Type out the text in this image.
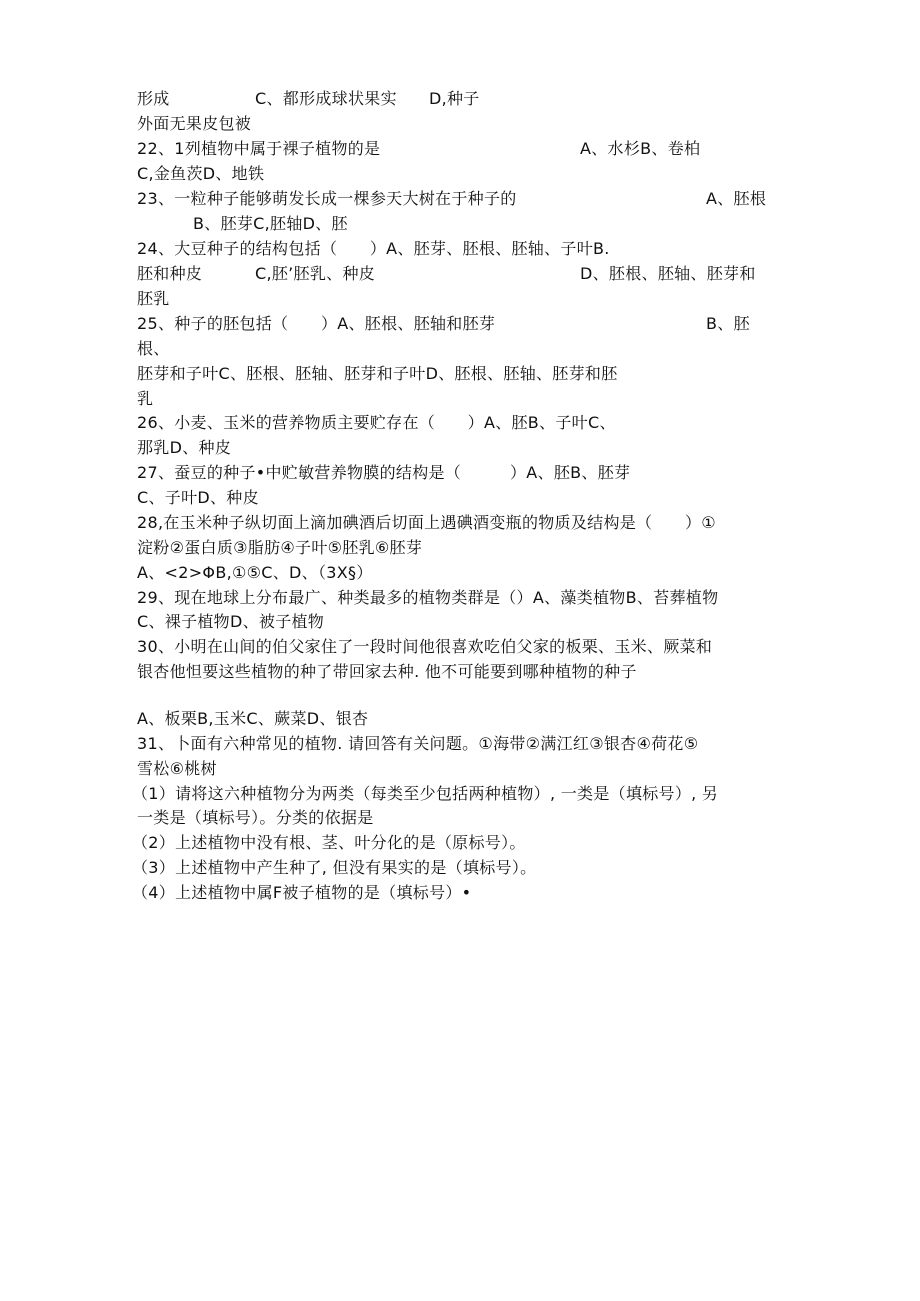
形成	C、都形成球状果实 D,种子
外面无果皮包被
22、1列植物中属于裸子植物的是	A、水杉B、卷柏
C,金鱼茨D、地铁
23、一粒种子能够萌发长成一棵参天大树在于种子的	A、胚根
B、胚芽C,胚轴D、胚
24、大豆种子的结构包括（　　）A、胚芽、胚根、胚轴、子叶B.
胚和种皮	C,胚’胚乳、种皮	D、胚根、胚轴、胚芽和
胚乳
25、种子的胚包括（　　）A、胚根、胚轴和胚芽	B、胚
根、
胚芽和子叶C、胚根、胚轴、胚芽和子叶D、胚根、胚轴、胚芽和胚
乳
26、小麦、玉米的营养物质主要贮存在（　　）A、胚B、子叶C、
那乳D、种皮
27、蚕豆的种子•中贮敏营养物膜的结构是（　　　）A、胚B、胚芽
C、子叶D、种皮
28,在玉米种子纵切面上滴加碘酒后切面上遇碘酒变瓶的物质及结构是（　　）①
淀粉②蛋白质③脂肪④子叶⑤胚乳⑥胚芽
A、<2>ΦB,①⑤C、D、（3X§）
29、现在地球上分布最广、种类最多的植物类群是（）A、藻类植物B、苔葬植物
C、裸子植物D、被子植物
30、小明在山间的伯父家住了一段时间他很喜欢吃伯父家的板栗、玉米、厥菜和
银杏他怛要这些植物的种了带回家去种. 他不可能要到哪种植物的种子
A、板栗B,玉米C、蕨菜D、银杏
31、卜面有六种常见的植物. 请回答有关问题。①海带②满江红③银杏④荷花⑤
雪松⑥桃树
（1）请将这六种植物分为两类（每类至少包括两种植物）, 一类是（填标号）, 另
一类是（填标号）。分类的依据是
（2）上述植物中没有根、茎、叶分化的是（原标号）。
（3）上述植物中产生种了, 但没有果实的是（填标号）。
（4）上述植物中属F被子植物的是（填标号）•
